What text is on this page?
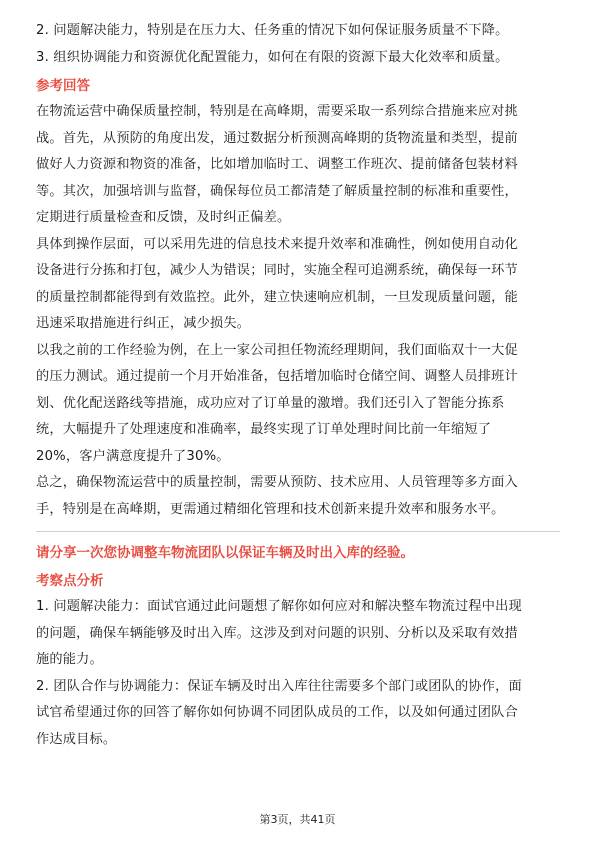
2. 问题解决能力，特别是在压力大、任务重的情况下如何保证服务质量不下降。

3. 组织协调能力和资源优化配置能力，如何在有限的资源下最大化效率和质量。

参考回答

在物流运营中确保质量控制，特别是在高峰期，需要采取一系列综合措施来应对挑
战。首先，从预防的角度出发，通过数据分析预测高峰期的货物流量和类型，提前
做好人力资源和物资的准备，比如增加临时工、调整工作班次、提前储备包装材料
等。其次，加强培训与监督，确保每位员工都清楚了解质量控制的标准和重要性，
定期进行质量检查和反馈，及时纠正偏差。

具体到操作层面，可以采用先进的信息技术来提升效率和准确性，例如使用自动化
设备进行分拣和打包，减少人为错误；同时，实施全程可追溯系统，确保每一环节
的质量控制都能得到有效监控。此外，建立快速响应机制，一旦发现质量问题，能
迅速采取措施进行纠正，减少损失。

以我之前的工作经验为例，在上一家公司担任物流经理期间，我们面临双十一大促
的压力测试。通过提前一个月开始准备，包括增加临时仓储空间、调整人员排班计
划、优化配送路线等措施，成功应对了订单量的激增。我们还引入了智能分拣系
统，大幅提升了处理速度和准确率，最终实现了订单处理时间比前一年缩短了
20%，客户满意度提升了30%。

总之，确保物流运营中的质量控制，需要从预防、技术应用、人员管理等多方面入
手，特别是在高峰期，更需通过精细化管理和技术创新来提升效率和服务水平。

请分享一次您协调整车物流团队以保证车辆及时出入库的经验。

考察点分析

1. 问题解决能力：面试官通过此问题想了解你如何应对和解决整车物流过程中出现
的问题，确保车辆能够及时出入库。这涉及到对问题的识别、分析以及采取有效措
施的能力。

2. 团队合作与协调能力：保证车辆及时出入库往往需要多个部门或团队的协作，面
试官希望通过你的回答了解你如何协调不同团队成员的工作，以及如何通过团队合
作达成目标。

第3页，共41页
